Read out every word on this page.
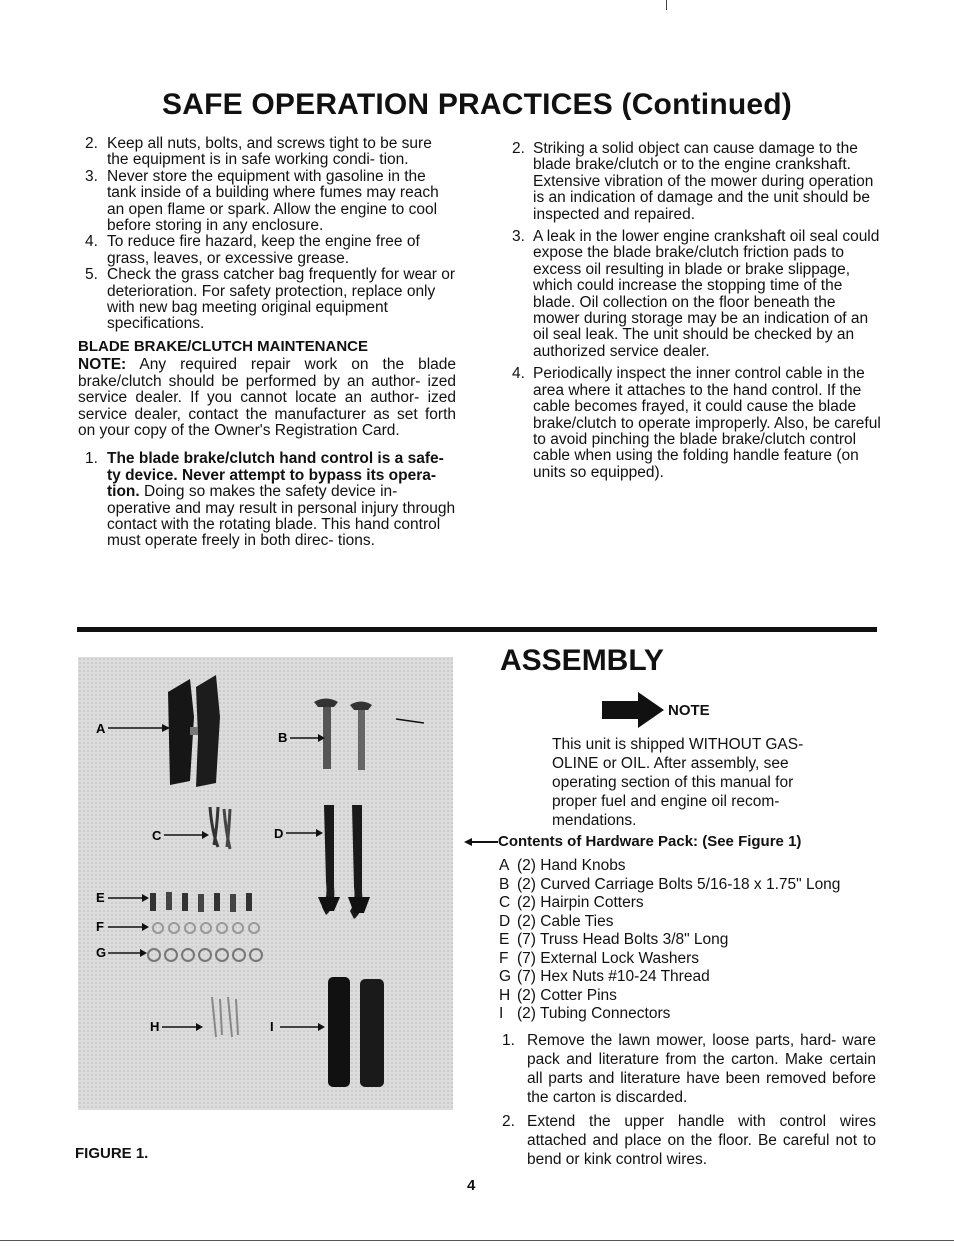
SAFE OPERATION PRACTICES (Continued)
2. Keep all nuts, bolts, and screws tight to be sure the equipment is in safe working condi- tion.
3. Never store the equipment with gasoline in the tank inside of a building where fumes may reach an open flame or spark. Allow the engine to cool before storing in any enclosure.
4. To reduce fire hazard, keep the engine free of grass, leaves, or excessive grease.
5. Check the grass catcher bag frequently for wear or deterioration. For safety protection, replace only with new bag meeting original equipment specifications.
BLADE BRAKE/CLUTCH MAINTENANCE

NOTE: Any required repair work on the blade brake/clutch should be performed by an author- ized service dealer. If you cannot locate an author- ized service dealer, contact the manufacturer as set forth on your copy of the Owner's Registration Card.

1. The blade brake/clutch hand control is a safe- ty device. Never attempt to bypass its opera- tion. Doing so makes the safety device in- operative and may result in personal injury through contact with the rotating blade. This hand control must operate freely in both direc- tions.
2. Striking a solid object can cause damage to the blade brake/clutch or to the engine crankshaft. Extensive vibration of the mower during operation is an indication of damage and the unit should be inspected and repaired.
3. A leak in the lower engine crankshaft oil seal could expose the blade brake/clutch friction pads to excess oil resulting in blade or brake slippage, which could increase the stopping time of the blade. Oil collection on the floor beneath the mower during storage may be an indication of an oil seal leak. The unit should be checked by an authorized service dealer.
4. Periodically inspect the inner control cable in the area where it attaches to the hand control. If the cable becomes frayed, it could cause the blade brake/clutch to operate improperly. Also, be careful to avoid pinching the blade brake/clutch control cable when using the folding handle feature (on units so equipped).
A
B
C	D
E
F
G
H	I
FIGURE 1.
ASSEMBLY
NOTE
This unit is shipped WITHOUT GAS- OLINE or OIL. After assembly, see operating section of this manual for proper fuel and engine oil recom- mendations.
Contents of Hardware Pack: (See Figure 1)
A (2) Hand Knobs
B (2) Curved Carriage Bolts 5/16-18 x 1.75" Long
C (2) Hairpin Cotters
D (2) Cable Ties
E (7) Truss Head Bolts 3/8" Long
F (7) External Lock Washers
G (7) Hex Nuts #10-24 Thread
H (2) Cotter Pins
I (2) Tubing Connectors
1. Remove the lawn mower, loose parts, hard- ware pack and literature from the carton. Make certain all parts and literature have been removed before the carton is discarded.
2. Extend the upper handle with control wires attached and place on the floor. Be careful not to bend or kink control wires.
4
